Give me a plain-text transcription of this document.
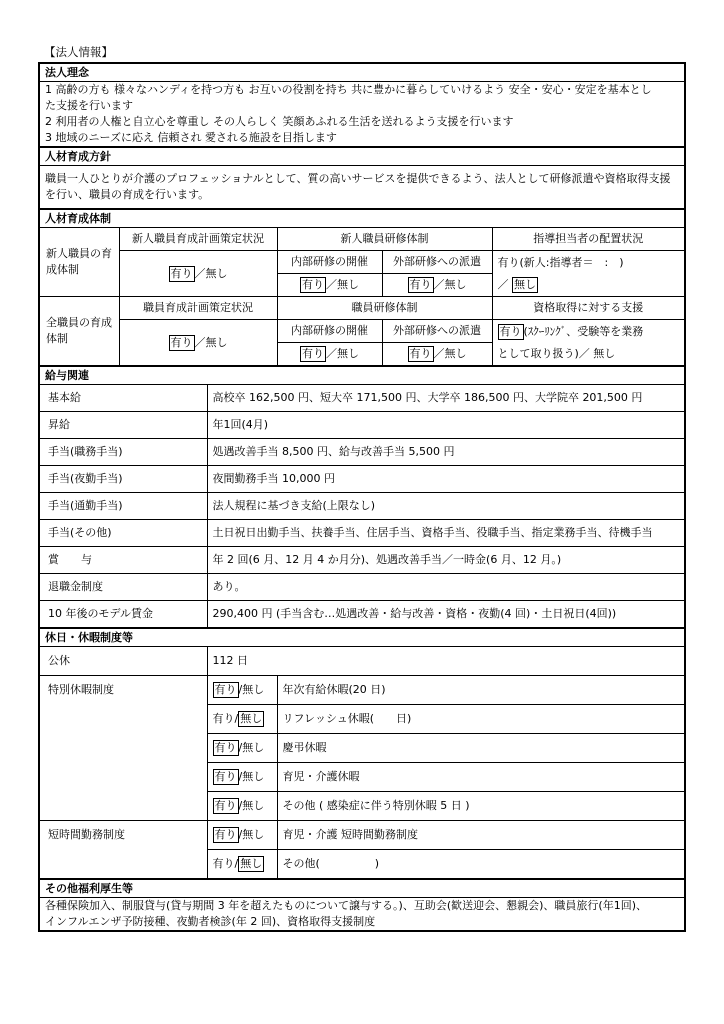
【法人情報】
法人理念					

1 高齢の方も 様々なハンディを持つ方も お互いの役割を持ち 共に豊かに暮らしていけるよう 安全・安心・安定を基本とし
た支援を行います
2 利用者の人権と自立心を尊重し その人らしく 笑顔あふれる生活を送れるよう支援を行います
3 地域のニーズに応え 信頼され 愛される施設を目指します					

人材育成方針					

職員一人ひとりが介護のプロフェッショナルとして、質の高いサービスを提供できるよう、法人として研修派遣や資格取得支援
を行い、職員の育成を行います。					

人材育成体制					

新人職員の育
成体制	新人職員育成計画策定状況		新人職員研修体制		指導担当者の配置状況
	有り ／無し		内部研修の開催	外部研修への派遣	有り(新人:指導者＝　:　)
／ 無し

			有り ／無し	有り ／無し	

全職員の育成
体制	職員育成計画策定状況		職員研修体制		資格取得に対する支援
	有り ／無し		内部研修の開催	外部研修への派遣	有り (ｽｸｰﾘﾝｸﾞ、受験等を業務
として取り扱う)／ 無し

			有り ／無し	有り ／無し	
給与関連					
基本給		高校卒 162,500 円、短大卒 171,500 円、大学卒 186,500 円、大学院卒 201,500 円			
昇給		年1回(4月)			
手当(職務手当)		処遇改善手当 8,500 円、給与改善手当 5,500 円			
手当(夜勤手当)		夜間勤務手当 10,000 円			
手当(通勤手当)		法人規程に基づき支給(上限なし)			
手当(その他)		土日祝日出勤手当、扶養手当、住居手当、資格手当、役職手当、指定業務手当、待機手当			
賞　　与		年 2 回(6 月、12 月 4 か月分)、処遇改善手当／一時金(6 月、12 月。)			
退職金制度		あり。			
10 年後のモデル賃金		290,400 円 (手当含む…処遇改善・給与改善・資格・夜勤(4 回)・土日祝日(4回))			
休日・休暇制度等					
公休		112 日			
特別休暇制度		有り /無し	年次有給休暇(20 日)		
		有り/ 無し	リフレッシュ休暇(　　日)		
		有り /無し	慶弔休暇		
		有り /無し	育児・介護休暇		
		有り /無し	その他 ( 感染症に伴う特別休暇 5 日 )		
短時間勤務制度		有り /無し	育児・介護 短時間勤務制度		
		有り/ 無し	その他(　　　　　)		
その他福利厚生等					

各種保険加入、制服貸与(貸与期間 3 年を超えたものについて譲与する。)、互助会(歓送迎会、懇親会)、職員旅行(年1回)、
インフルエンザ予防接種、夜勤者検診(年 2 回)、資格取得支援制度					
